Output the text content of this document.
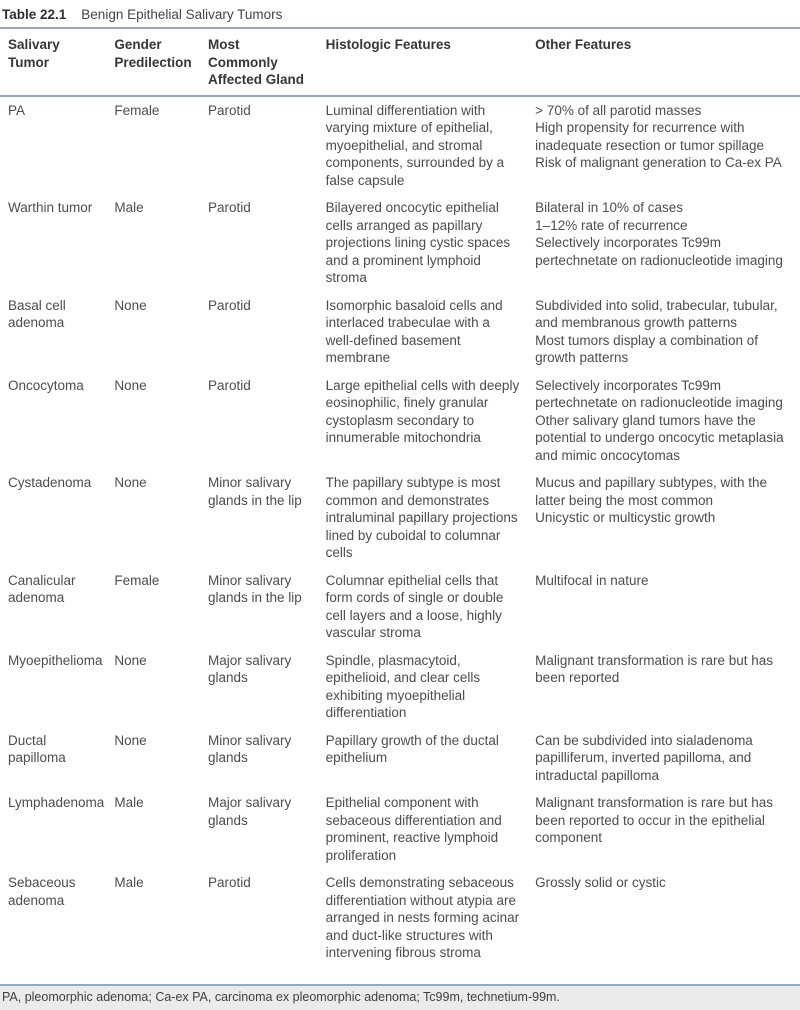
Table 22.1 Benign Epithelial Salivary Tumors
Salivary Tumor	Gender Predilection	Most Commonly Affected Gland	Histologic Features	Other Features
PA	Female	Parotid	Luminal differentiation with varying mixture of epithelial, myoepithelial, and stromal components, surrounded by a false capsule	> 70% of all parotid masses
High propensity for recurrence with inadequate resection or tumor spillage
Risk of malignant generation to Ca-ex PA

Warthin tumor	Male	Parotid	Bilayered oncocytic epithelial cells arranged as papillary projections lining cystic spaces and a prominent lymphoid stroma	Bilateral in 10% of cases
1–12% rate of recurrence
Selectively incorporates Tc99m pertechnetate on radionucleotide imaging

Basal cell adenoma	None	Parotid	Isomorphic basaloid cells and interlaced trabeculae with a well-defined basement membrane	Subdivided into solid, trabecular, tubular, and membranous growth patterns
Most tumors display a combination of growth patterns

Oncocytoma	None	Parotid	Large epithelial cells with deeply eosinophilic, finely granular cystoplasm secondary to innumerable mitochondria	Selectively incorporates Tc99m pertechnetate on radionucleotide imaging
Other salivary gland tumors have the potential to undergo oncocytic metaplasia and mimic oncocytomas

Cystadenoma	None	Minor salivary glands in the lip	The papillary subtype is most common and demonstrates intraluminal papillary projections lined by cuboidal to columnar cells	Mucus and papillary subtypes, with the latter being the most common
Unicystic or multicystic growth

Canalicular adenoma	Female	Minor salivary glands in the lip	Columnar epithelial cells that form cords of single or double cell layers and a loose, highly vascular stroma	Multifocal in nature

Myoepithelioma	None	Major salivary glands	Spindle, plasmacytoid, epithelioid, and clear cells exhibiting myoepithelial differentiation	Malignant transformation is rare but has been reported

Ductal papilloma	None	Minor salivary glands	Papillary growth of the ductal epithelium	Can be subdivided into sialadenoma papilliferum, inverted papilloma, and intraductal papilloma

Lymphadenoma	Male	Major salivary glands	Epithelial component with sebaceous differentiation and prominent, reactive lymphoid proliferation	Malignant transformation is rare but has been reported to occur in the epithelial component

Sebaceous adenoma	Male	Parotid	Cells demonstrating sebaceous differentiation without atypia are arranged in nests forming acinar and duct-like structures with intervening fibrous stroma	Grossly solid or cystic
PA, pleomorphic adenoma; Ca-ex PA, carcinoma ex pleomorphic adenoma; Tc99m, technetium-99m.
